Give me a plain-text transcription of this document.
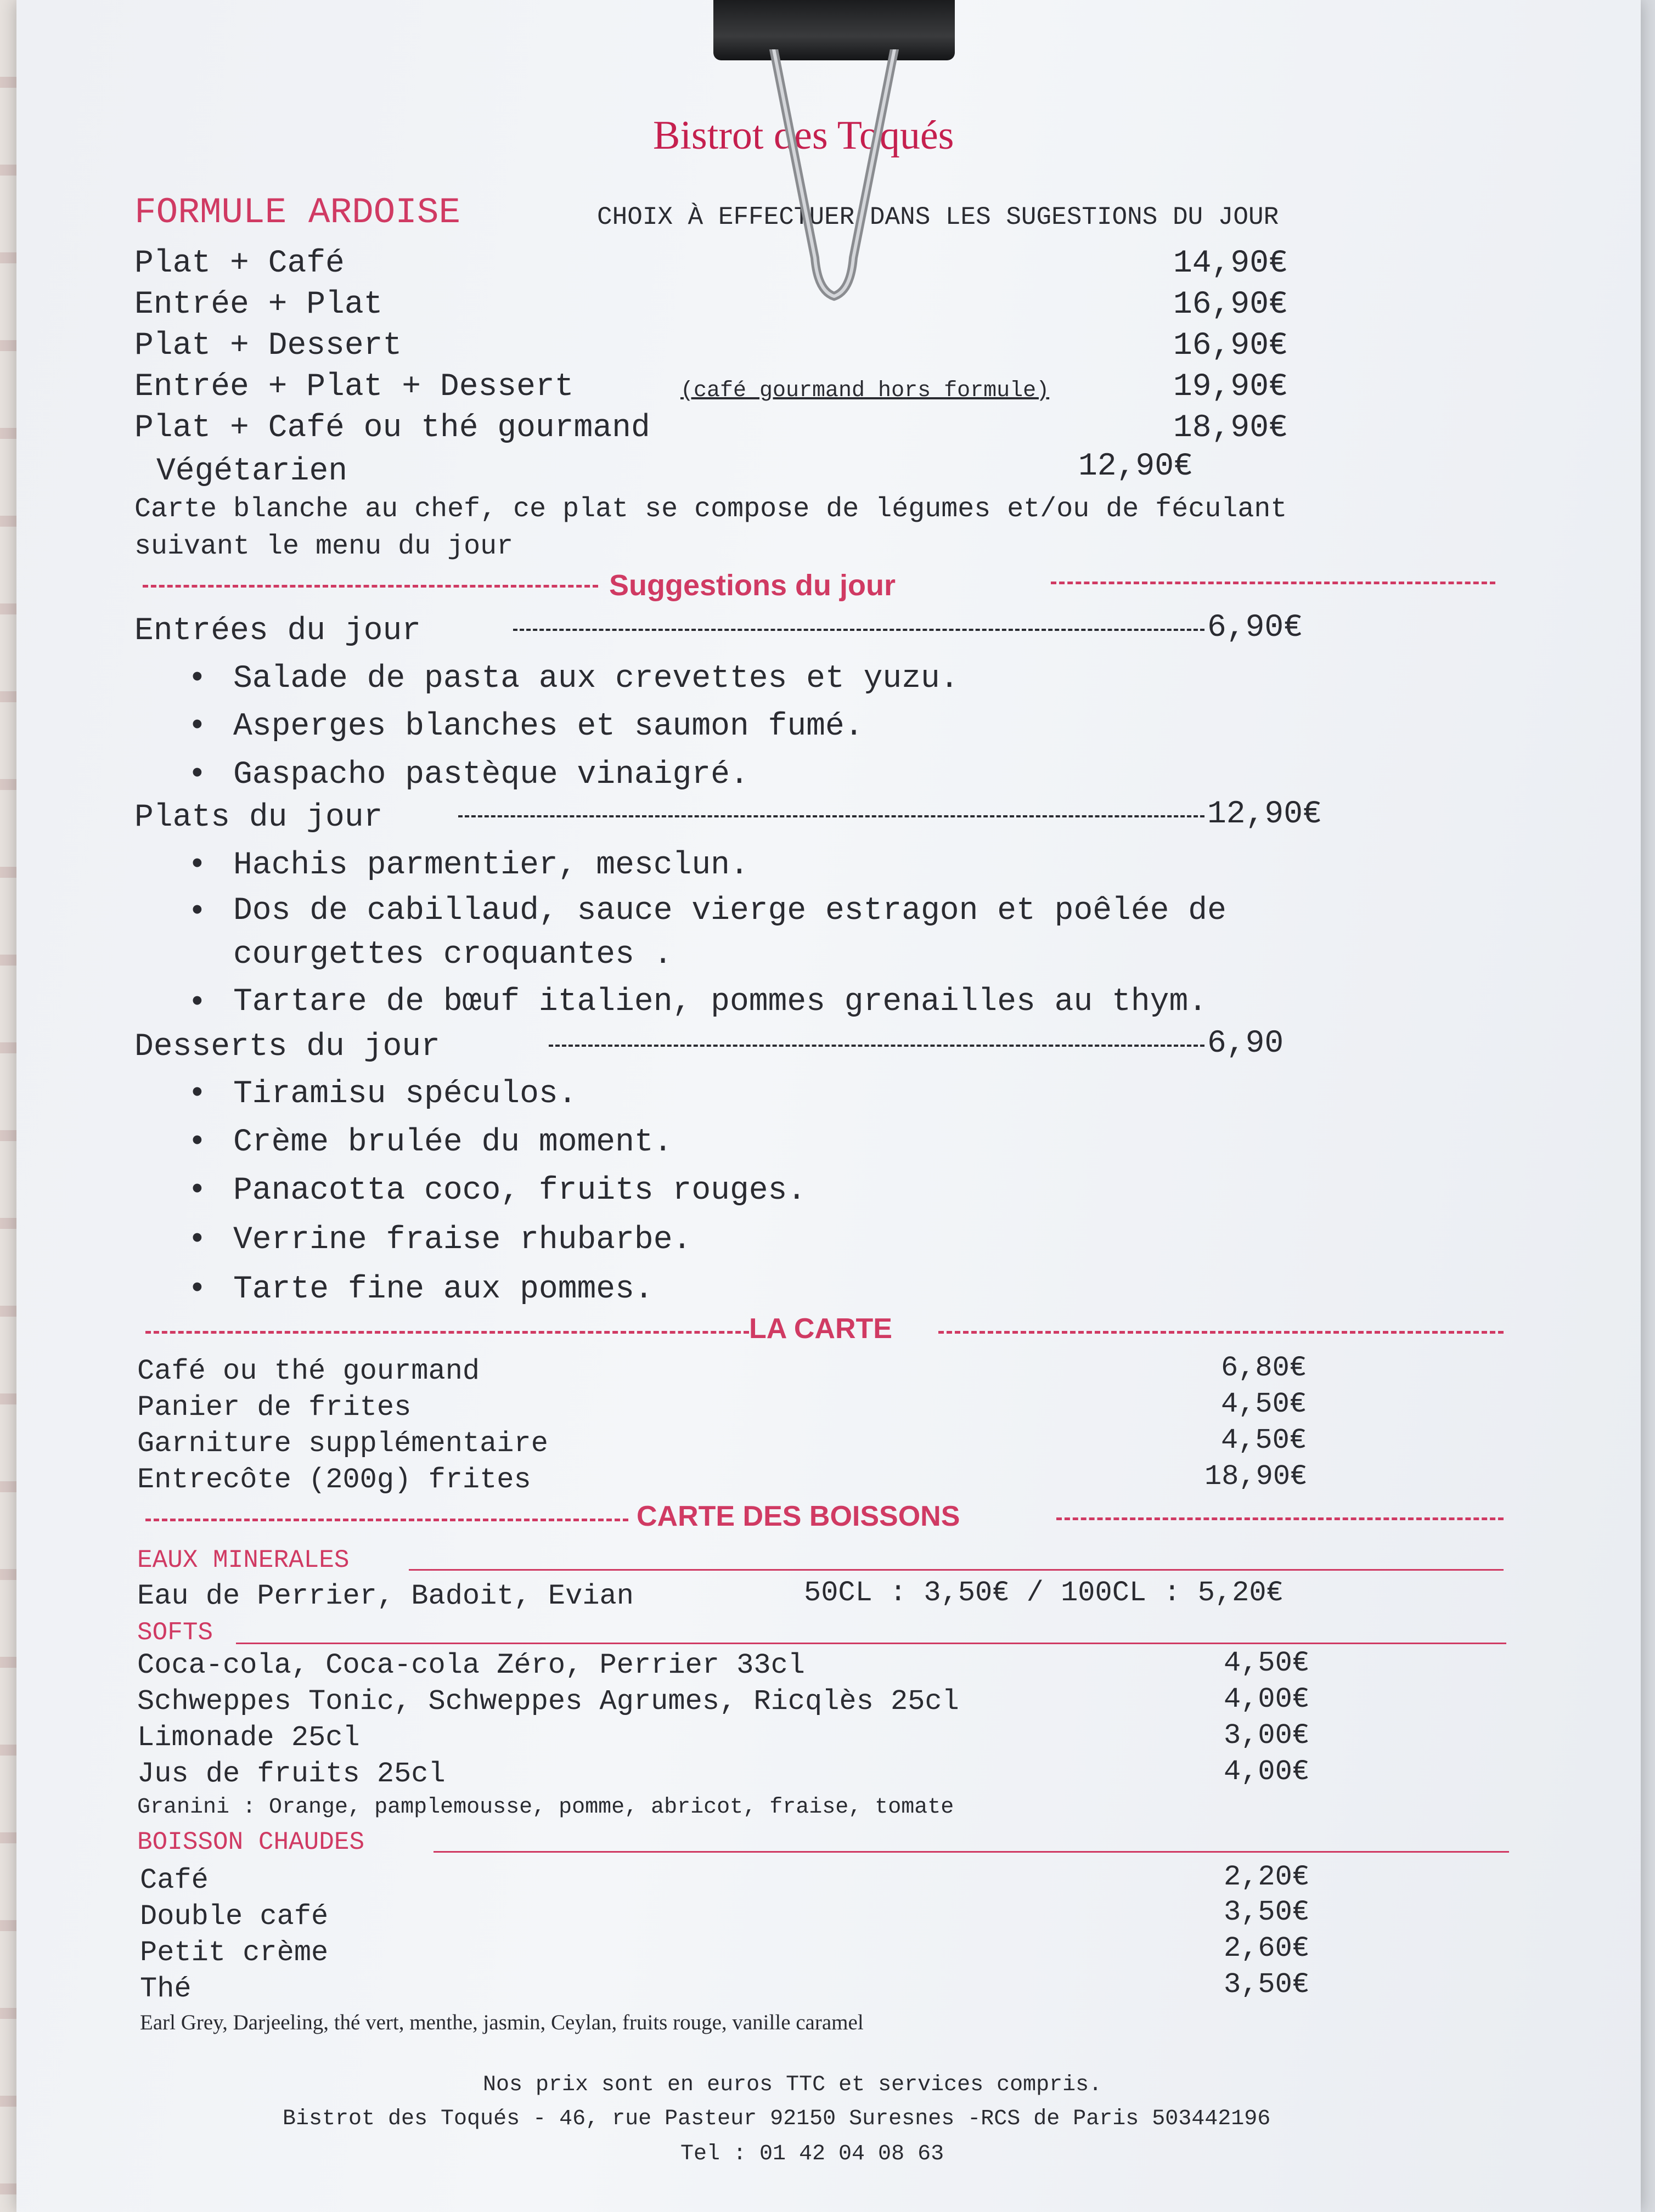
Bistrot des Toqués
FORMULE ARDOISE	CHOIX À EFFECTUER DANS LES SUGESTIONS DU JOUR
Plat + Café	14,90€
Entrée + Plat	16,90€
Plat + Dessert	16,90€
Entrée + Plat + Dessert	(café gourmand hors formule)	19,90€
Plat + Café ou thé gourmand	18,90€
Végétarien	12,90€
Carte blanche au chef, ce plat se compose de légumes et/ou de féculant
suivant le menu du jour
Suggestions du jour
Entrées du jour	6,90€
• Salade de pasta aux crevettes et yuzu.
• Asperges blanches et saumon fumé.
• Gaspacho pastèque vinaigré.
Plats du jour	12,90€
• Hachis parmentier, mesclun.
• Dos de cabillaud, sauce vierge estragon et poêlée de
courgettes croquantes .
• Tartare de bœuf italien, pommes grenailles au thym.
Desserts du jour	6,90
• Tiramisu spéculos.
• Crème brulée du moment.
• Panacotta coco, fruits rouges.
• Verrine fraise rhubarbe.
• Tarte fine aux pommes.
LA CARTE
Café ou thé gourmand	6,80€
Panier de frites	4,50€
Garniture supplémentaire	4,50€
Entrecôte (200g) frites	18,90€
CARTE DES BOISSONS
EAUX MINERALES
Eau de Perrier, Badoit, Evian	50CL : 3,50€ / 100CL : 5,20€
SOFTS
Coca-cola, Coca-cola Zéro, Perrier 33cl	4,50€
Schweppes Tonic, Schweppes Agrumes, Ricqlès 25cl	4,00€
Limonade 25cl	3,00€
Jus de fruits 25cl	4,00€
Granini : Orange, pamplemousse, pomme, abricot, fraise, tomate
BOISSON CHAUDES
Café	2,20€
Double café	3,50€
Petit crème	2,60€
Thé	3,50€
Earl Grey, Darjeeling, thé vert, menthe, jasmin, Ceylan, fruits rouge, vanille caramel
Nos prix sont en euros TTC et services compris.
Bistrot des Toqués - 46, rue Pasteur 92150 Suresnes -RCS de Paris 503442196
Tel : 01 42 04 08 63
